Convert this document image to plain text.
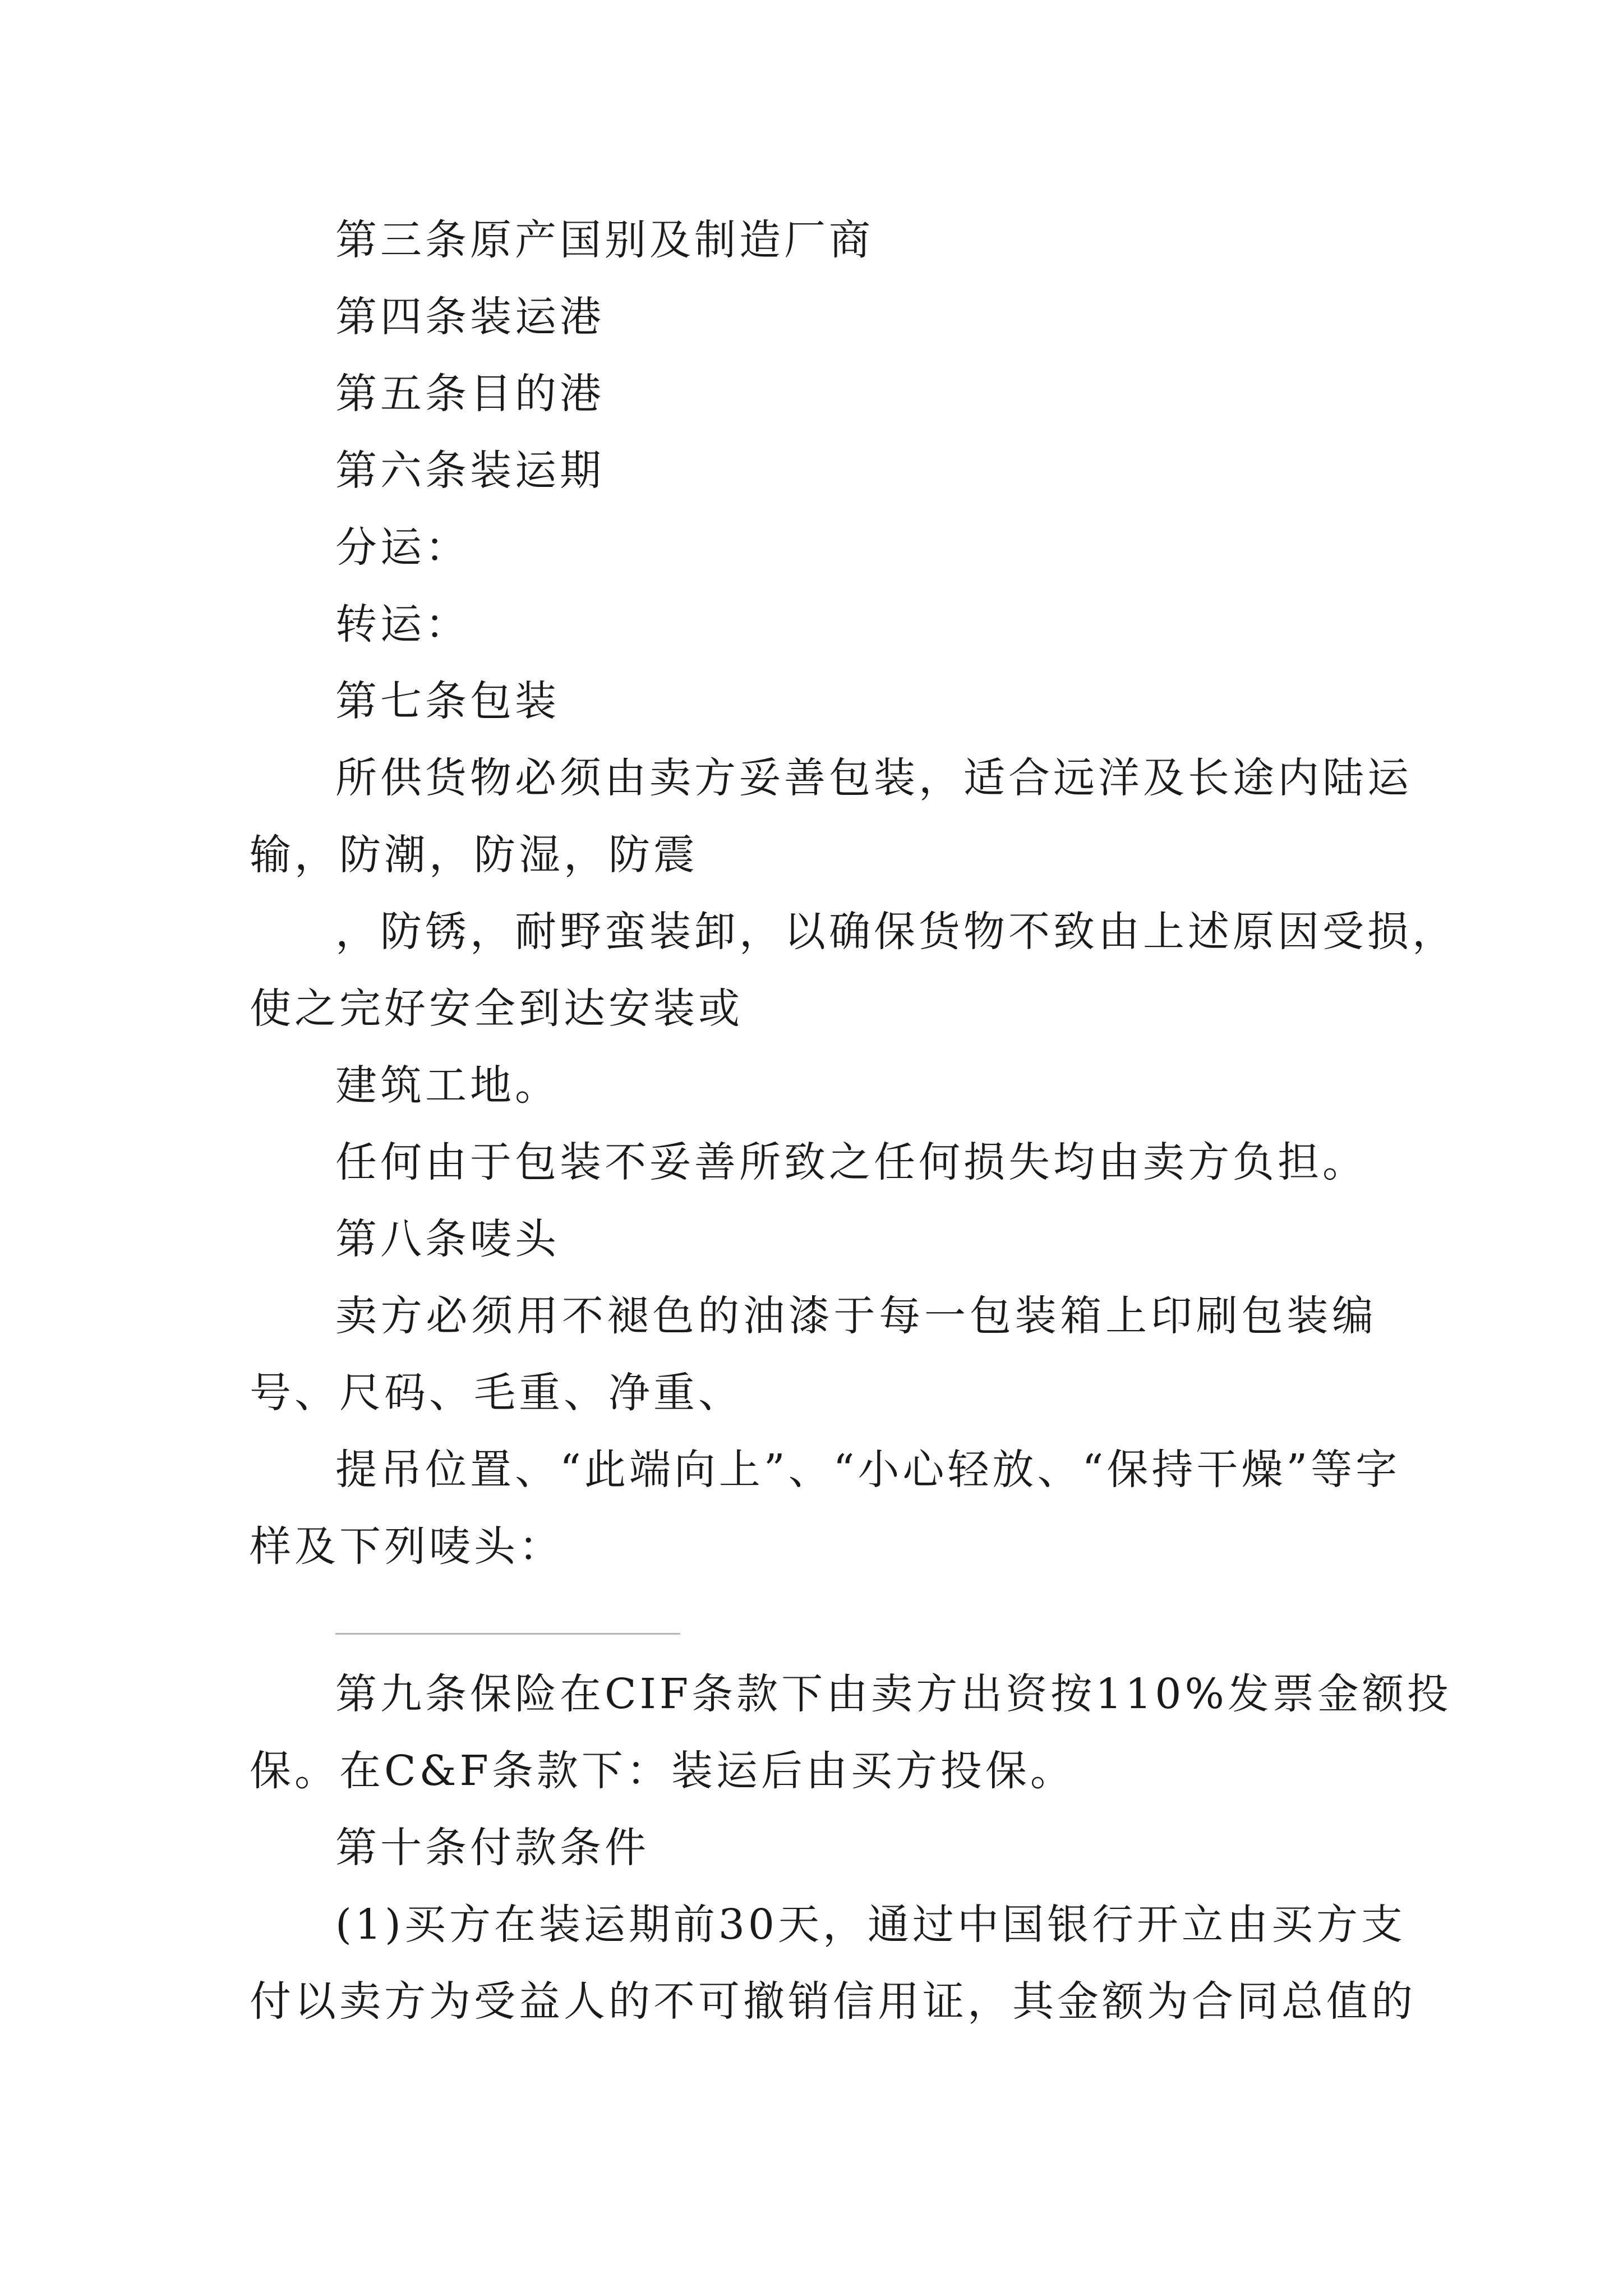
第三条原产国别及制造厂商
第四条装运港
第五条目的港
第六条装运期
分运：
转运：
第七条包装
所供货物必须由卖方妥善包装，适合远洋及长途内陆运
输，防潮，防湿，防震
，防锈，耐野蛮装卸，以确保货物不致由上述原因受损，
使之完好安全到达安装或
建筑工地。
任何由于包装不妥善所致之任何损失均由卖方负担。
第八条唛头
卖方必须用不褪色的油漆于每一包装箱上印刷包装编
号、尺码、毛重、净重、
提吊位置、“此端向上”、“小心轻放、“保持干燥”等字
样及下列唛头：
第九条保险在CIF条款下由卖方出资按110%发票金额投
保。在C&F条款下：装运后由买方投保。
第十条付款条件
(1)买方在装运期前30天，通过中国银行开立由买方支
付以卖方为受益人的不可撤销信用证，其金额为合同总值的
